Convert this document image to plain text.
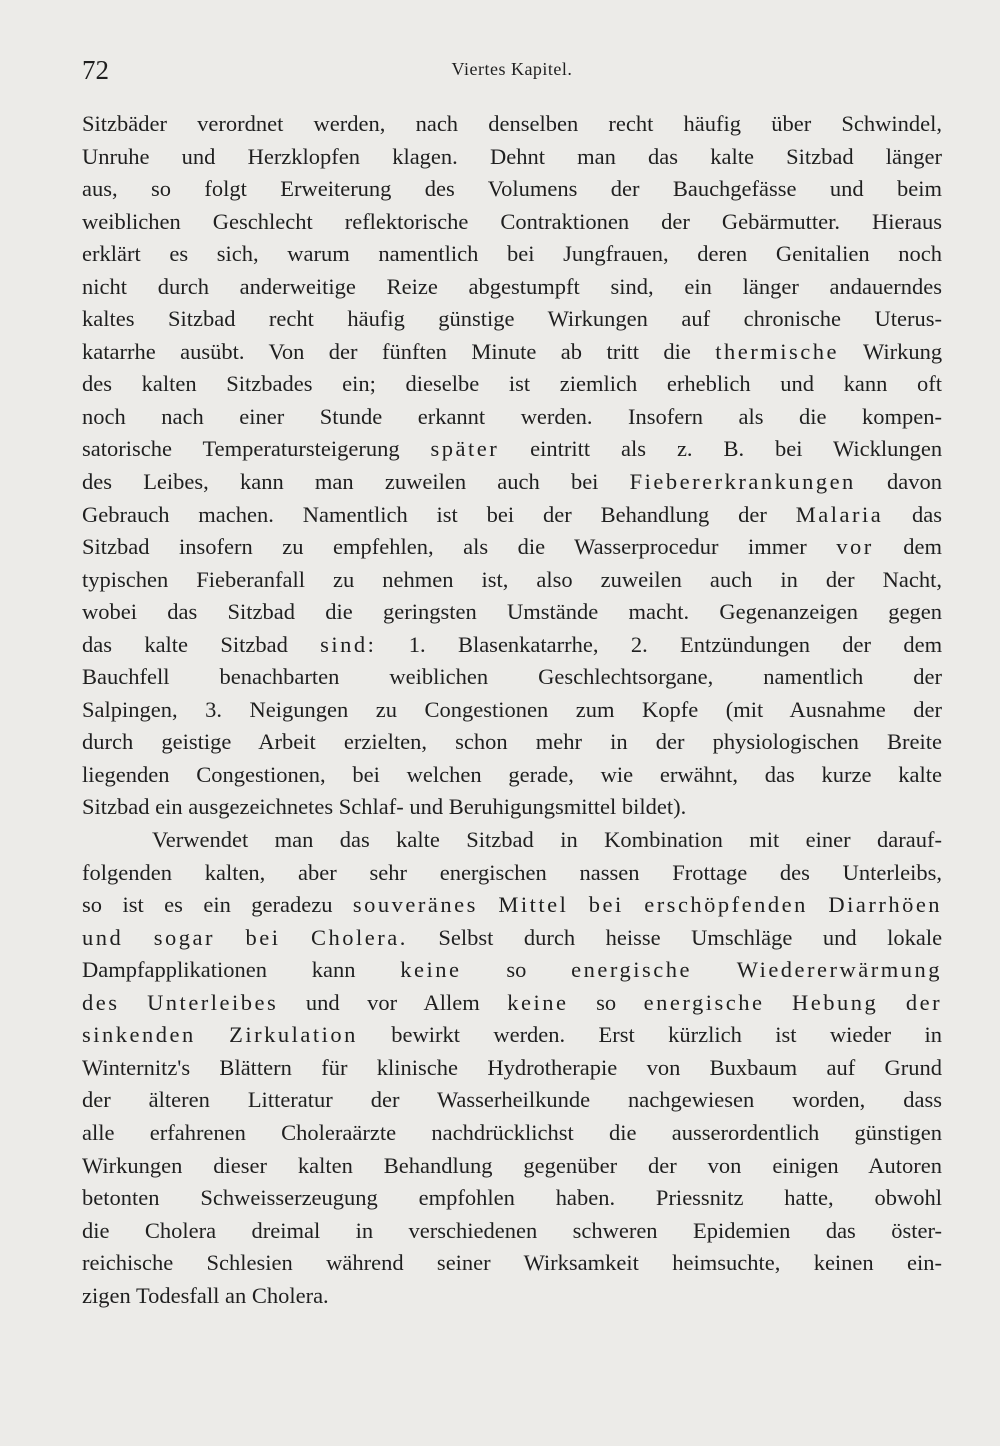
72	Viertes Kapitel.
Sitzbäder verordnet werden, nach denselben recht häufig über Schwindel,
Unruhe und Herzklopfen klagen. Dehnt man das kalte Sitzbad länger
aus, so folgt Erweiterung des Volumens der Bauchgefässe und beim
weiblichen Geschlecht reflektorische Contraktionen der Gebärmutter. Hieraus
erklärt es sich, warum namentlich bei Jungfrauen, deren Genitalien noch
nicht durch anderweitige Reize abgestumpft sind, ein länger andauerndes
kaltes Sitzbad recht häufig günstige Wirkungen auf chronische Uterus-
katarrhe ausübt. Von der fünften Minute ab tritt die thermische Wirkung
des kalten Sitzbades ein; dieselbe ist ziemlich erheblich und kann oft
noch nach einer Stunde erkannt werden. Insofern als die kompen-
satorische Temperatursteigerung später eintritt als z. B. bei Wicklungen
des Leibes, kann man zuweilen auch bei Fiebererkrankungen davon
Gebrauch machen. Namentlich ist bei der Behandlung der Malaria das
Sitzbad insofern zu empfehlen, als die Wasserprocedur immer vor dem
typischen Fieberanfall zu nehmen ist, also zuweilen auch in der Nacht,
wobei das Sitzbad die geringsten Umstände macht. Gegenanzeigen gegen
das kalte Sitzbad sind: 1. Blasenkatarrhe, 2. Entzündungen der dem
Bauchfell benachbarten weiblichen Geschlechtsorgane, namentlich der
Salpingen, 3. Neigungen zu Congestionen zum Kopfe (mit Ausnahme der
durch geistige Arbeit erzielten, schon mehr in der physiologischen Breite
liegenden Congestionen, bei welchen gerade, wie erwähnt, das kurze kalte
Sitzbad ein ausgezeichnetes Schlaf- und Beruhigungsmittel bildet).
Verwendet man das kalte Sitzbad in Kombination mit einer darauf-
folgenden kalten, aber sehr energischen nassen Frottage des Unterleibs,
so ist es ein geradezu souveränes Mittel bei erschöpfenden Diarrhöen
und sogar bei Cholera. Selbst durch heisse Umschläge und lokale
Dampfapplikationen kann keine so energische Wiedererwärmung
des Unterleibes und vor Allem keine so energische Hebung der
sinkenden Zirkulation bewirkt werden. Erst kürzlich ist wieder in
Winternitz's Blättern für klinische Hydrotherapie von Buxbaum auf Grund
der älteren Litteratur der Wasserheilkunde nachgewiesen worden, dass
alle erfahrenen Choleraärzte nachdrücklichst die ausserordentlich günstigen
Wirkungen dieser kalten Behandlung gegenüber der von einigen Autoren
betonten Schweisserzeugung empfohlen haben. Priessnitz hatte, obwohl
die Cholera dreimal in verschiedenen schweren Epidemien das öster-
reichische Schlesien während seiner Wirksamkeit heimsuchte, keinen ein-
zigen Todesfall an Cholera.
